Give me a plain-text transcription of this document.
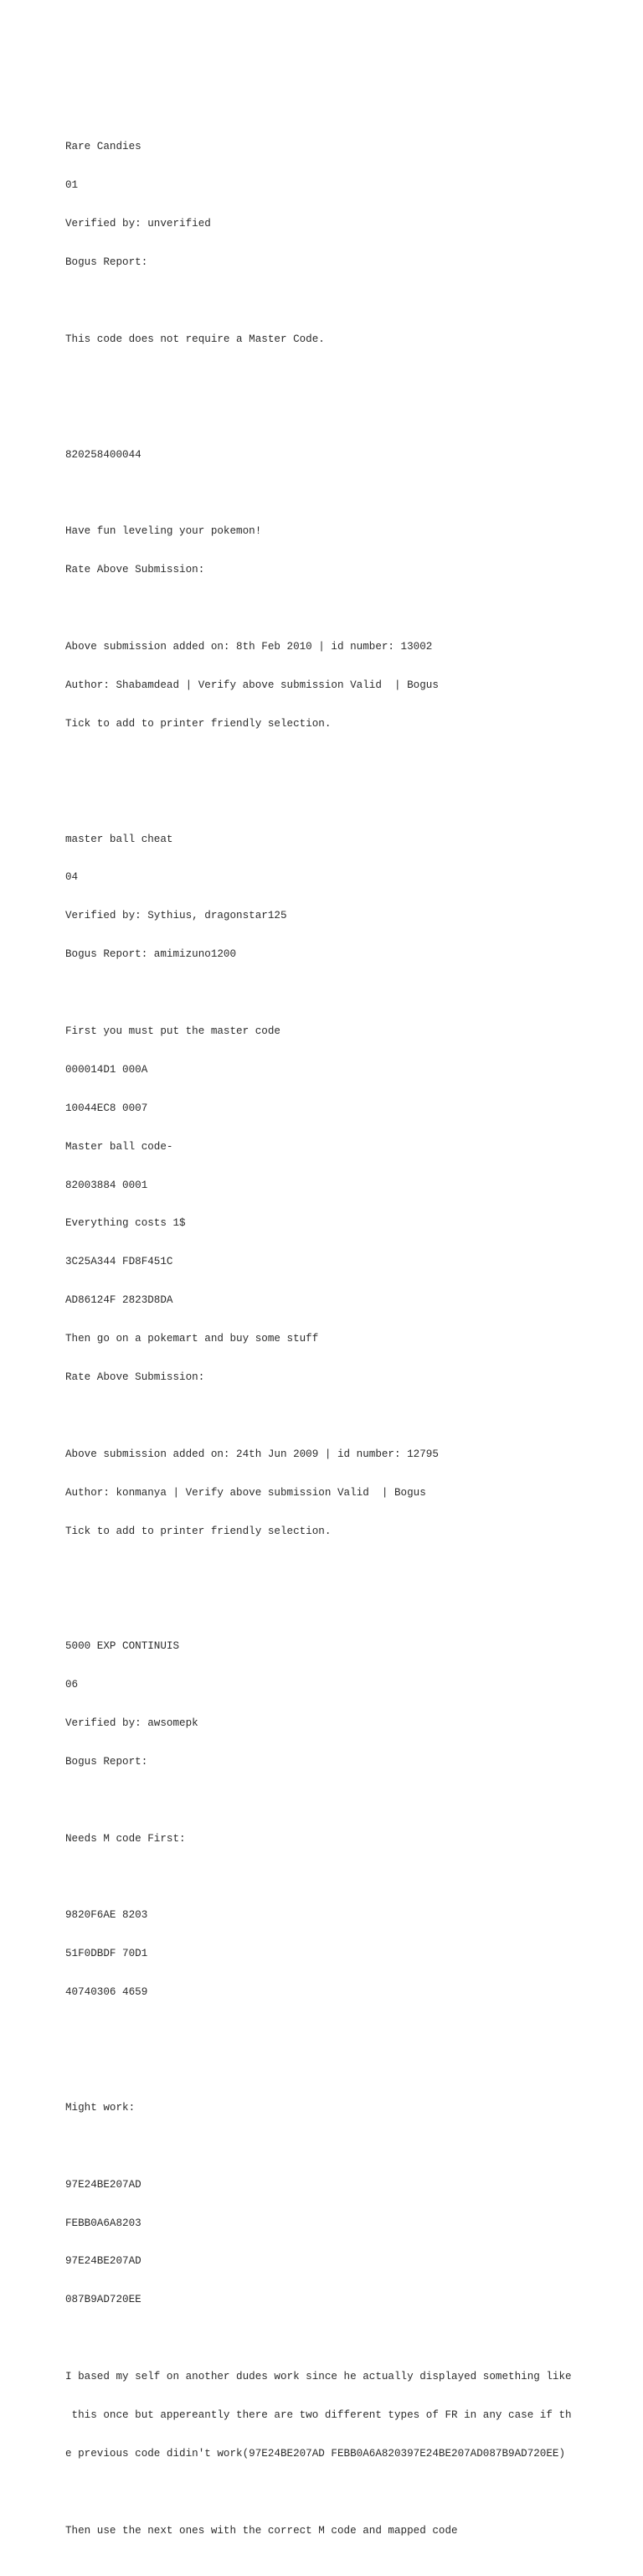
Rare Candies

01

Verified by: unverified

Bogus Report:

This code does not require a Master Code.

820258400044

Have fun leveling your pokemon!

Rate Above Submission:

Above submission added on: 8th Feb 2010 | id number: 13002

Author: Shabamdead | Verify above submission Valid  | Bogus

Tick to add to printer friendly selection.

master ball cheat

04

Verified by: Sythius, dragonstar125

Bogus Report: amimizuno1200

First you must put the master code

000014D1 000A

10044EC8 0007

Master ball code-

82003884 0001

Everything costs 1$

3C25A344 FD8F451C

AD86124F 2823D8DA

Then go on a pokemart and buy some stuff

Rate Above Submission:

Above submission added on: 24th Jun 2009 | id number: 12795

Author: konmanya | Verify above submission Valid  | Bogus

Tick to add to printer friendly selection.

5000 EXP CONTINUIS

06

Verified by: awsomepk

Bogus Report:

Needs M code First:

9820F6AE 8203

51F0DBDF 70D1

40740306 4659

Might work:

97E24BE207AD

FEBB0A6A8203

97E24BE207AD

087B9AD720EE

I based my self on another dudes work since he actually displayed something like

this once but appereantly there are two different types of FR in any case if th

e previous code didin't work(97E24BE207AD FEBB0A6A820397E24BE207AD087B9AD720EE)

Then use the next ones with the correct M code and mapped code
